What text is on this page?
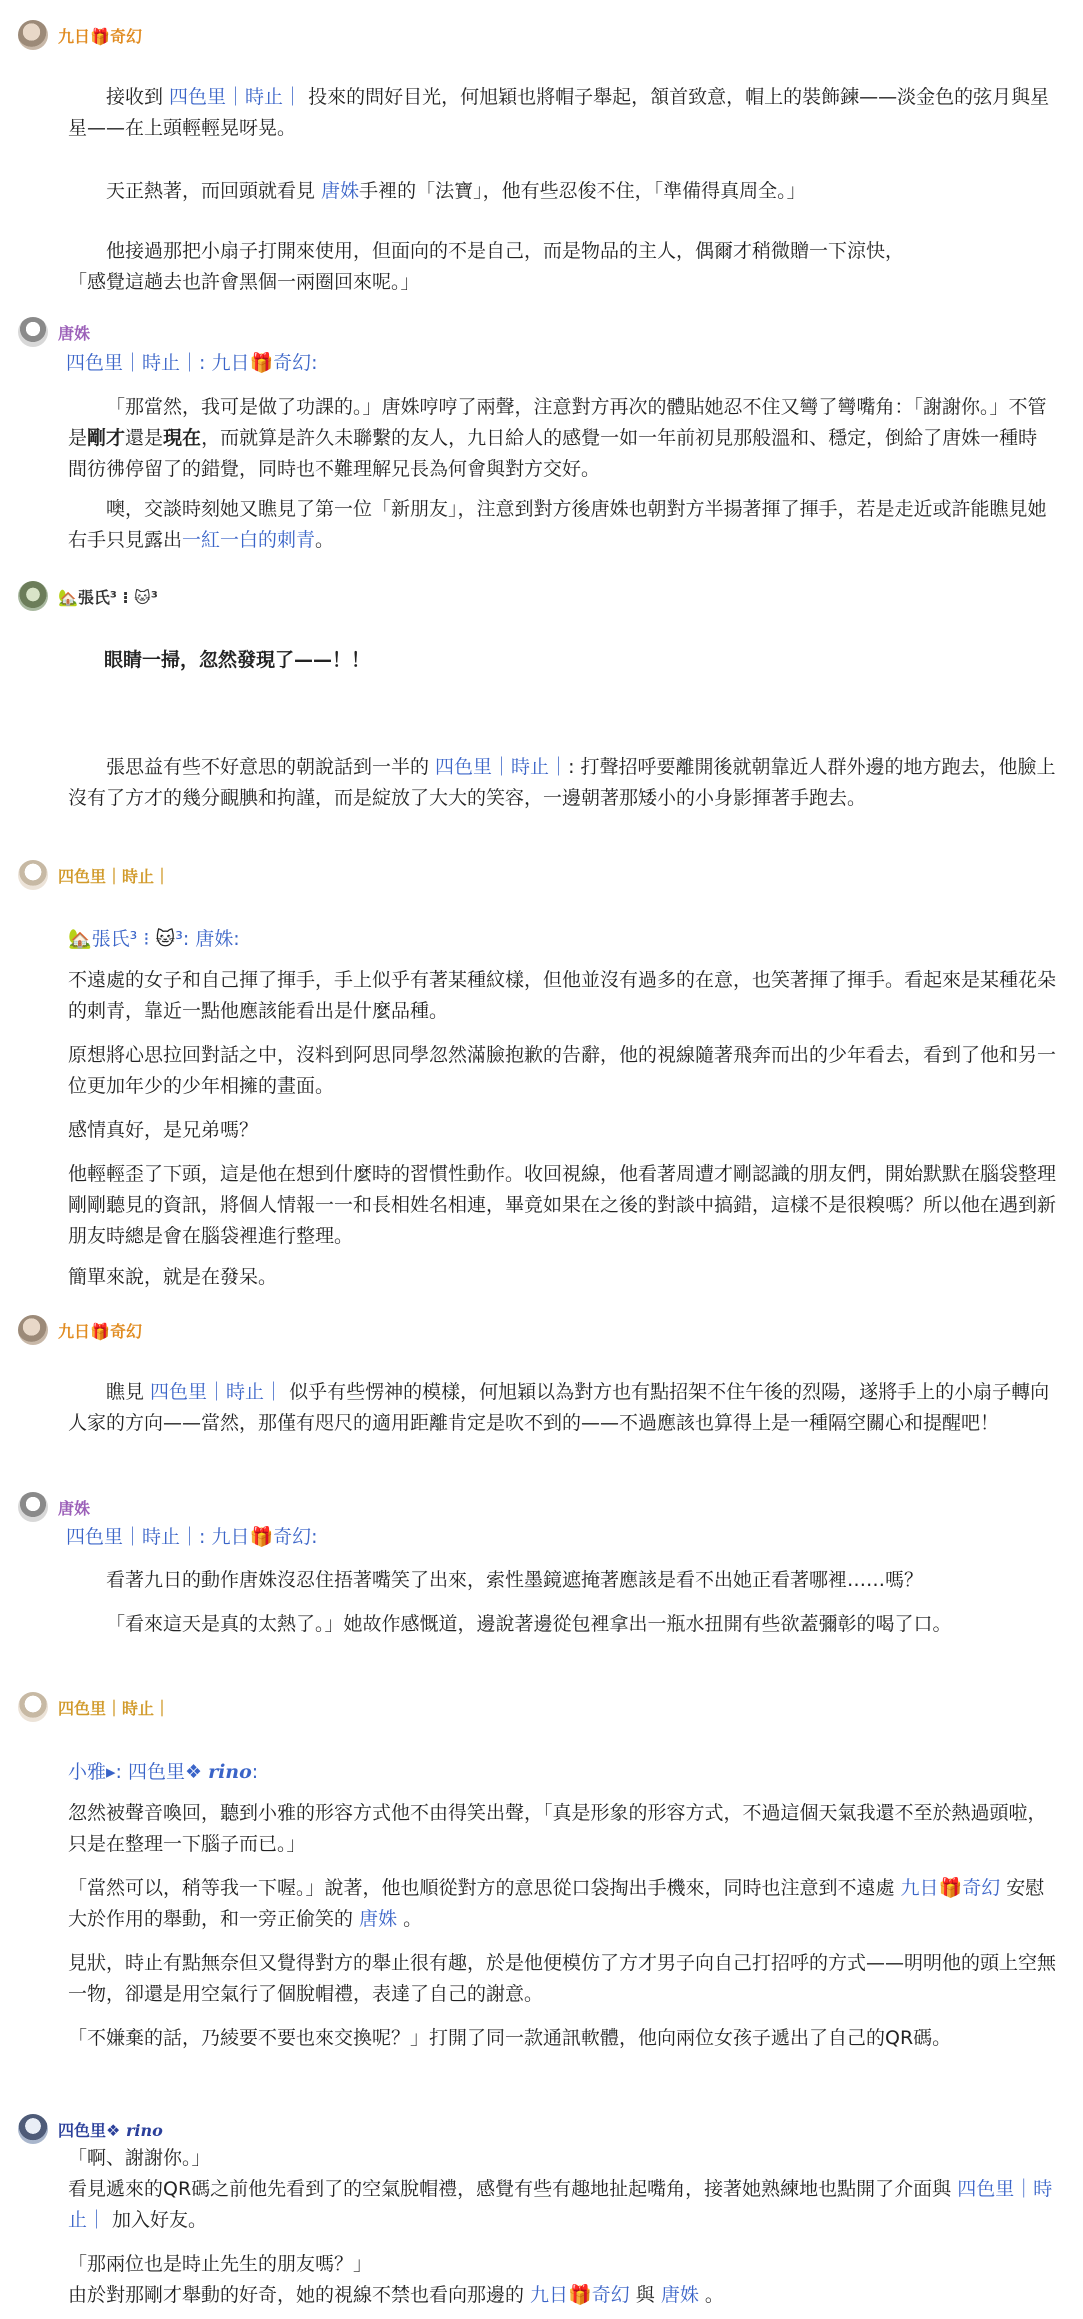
九日🎁奇幻
接收到 四色里｜時止｜ 投來的問好目光，何旭穎也將帽子舉起，頷首致意，帽上的裝飾鍊——淡金色的弦月與星星——在上頭輕輕晃呀晃。
天正熱著，而回頭就看見 唐姝手裡的「法寶」，他有些忍俊不住，「準備得真周全。」
他接過那把小扇子打開來使用，但面向的不是自己，而是物品的主人，偶爾才稍微贈一下涼快，
「感覺這趟去也許會黑個一兩圈回來呢。」
唐姝
四色里｜時止｜: 九日🎁奇幻:
「那當然，我可是做了功課的。」唐姝哼哼了兩聲，注意對方再次的體貼她忍不住又彎了彎嘴角：「謝謝你。」不管是剛才還是現在，而就算是許久未聯繫的友人，九日給人的感覺一如一年前初見那般溫和、穩定，倒給了唐姝一種時間彷彿停留了的錯覺，同時也不難理解兄長為何會與對方交好。
噢，交談時刻她又瞧見了第一位「新朋友」，注意到對方後唐姝也朝對方半揚著揮了揮手，若是走近或許能瞧見她右手只見露出一紅一白的刺青。
🏡張氏³ ⁝ 🐱³
眼睛一掃，忽然發現了——！！
張思益有些不好意思的朝說話到一半的 四色里｜時止｜: 打聲招呼要離開後就朝靠近人群外邊的地方跑去，他臉上沒有了方才的幾分靦腆和拘謹，而是綻放了大大的笑容，一邊朝著那矮小的小身影揮著手跑去。
四色里｜時止｜
🏡張氏³ ⁝ 🐱³: 唐姝:
不遠處的女子和自己揮了揮手，手上似乎有著某種紋樣，但他並沒有過多的在意，也笑著揮了揮手。看起來是某種花朵的刺青，靠近一點他應該能看出是什麼品種。
原想將心思拉回對話之中，沒料到阿思同學忽然滿臉抱歉的告辭，他的視線隨著飛奔而出的少年看去，看到了他和另一位更加年少的少年相擁的畫面。
感情真好，是兄弟嗎？
他輕輕歪了下頭，這是他在想到什麼時的習慣性動作。收回視線，他看著周遭才剛認識的朋友們，開始默默在腦袋整理剛剛聽見的資訊，將個人情報一一和長相姓名相連，畢竟如果在之後的對談中搞錯，這樣不是很糗嗎？所以他在遇到新朋友時總是會在腦袋裡進行整理。
簡單來說，就是在發呆。
九日🎁奇幻
瞧見 四色里｜時止｜ 似乎有些愣神的模樣，何旭穎以為對方也有點招架不住午後的烈陽，遂將手上的小扇子轉向人家的方向——當然，那僅有咫尺的適用距離肯定是吹不到的——不過應該也算得上是一種隔空關心和提醒吧！
唐姝
四色里｜時止｜: 九日🎁奇幻:
看著九日的動作唐姝沒忍住捂著嘴笑了出來，索性墨鏡遮掩著應該是看不出她正看著哪裡……嗎？
「看來這天是真的太熱了。」她故作感慨道，邊說著邊從包裡拿出一瓶水扭開有些欲蓋彌彰的喝了口。
四色里｜時止｜
小雅▸: 四色里❖ rino:
忽然被聲音喚回，聽到小雅的形容方式他不由得笑出聲，「真是形象的形容方式，不過這個天氣我還不至於熱過頭啦，只是在整理一下腦子而已。」
「當然可以，稍等我一下喔。」說著，他也順從對方的意思從口袋掏出手機來，同時也注意到不遠處 九日🎁奇幻 安慰大於作用的舉動，和一旁正偷笑的 唐姝 。
見狀，時止有點無奈但又覺得對方的舉止很有趣，於是他便模仿了方才男子向自己打招呼的方式——明明他的頭上空無一物，卻還是用空氣行了個脫帽禮，表達了自己的謝意。
「不嫌棄的話，乃綾要不要也來交換呢？」打開了同一款通訊軟體，他向兩位女孩子遞出了自己的QR碼。
四色里❖ rino
「啊、謝謝你。」
看見遞來的QR碼之前他先看到了的空氣脫帽禮，感覺有些有趣地扯起嘴角，接著她熟練地也點開了介面與 四色里｜時止｜ 加入好友。
「那兩位也是時止先生的朋友嗎？」
由於對那剛才舉動的好奇，她的視線不禁也看向那邊的 九日🎁奇幻 與 唐姝 。
